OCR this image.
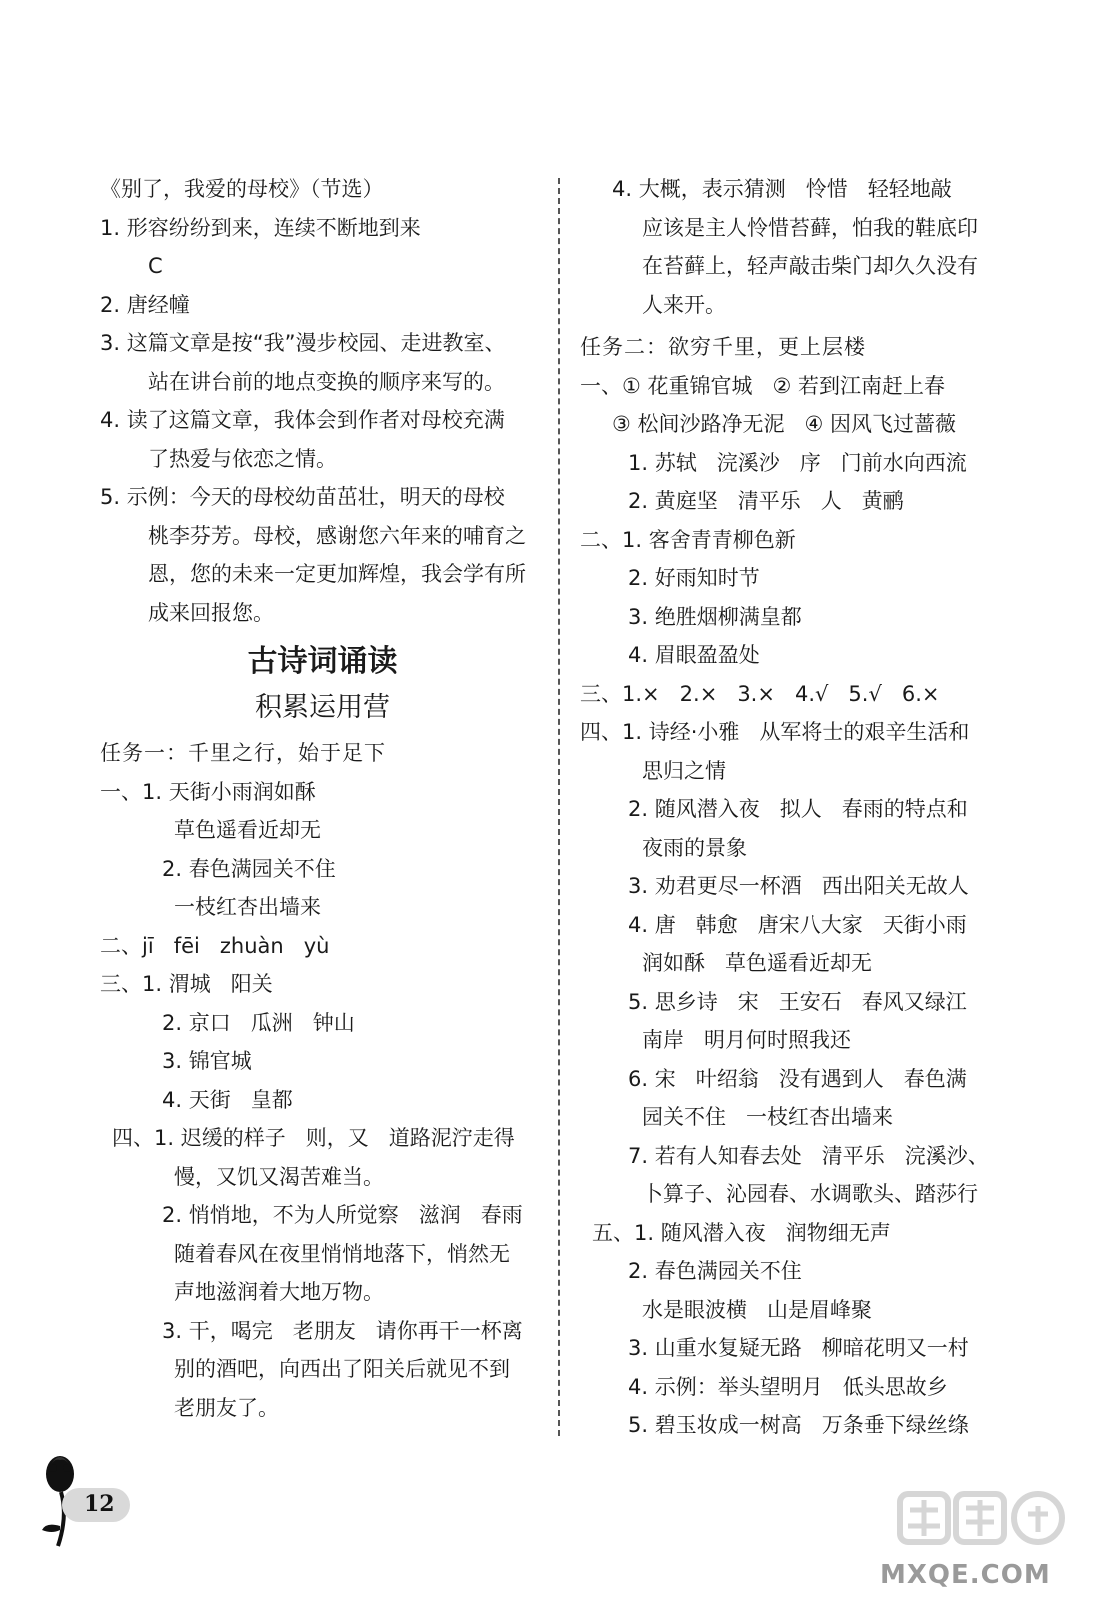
《别了，我爱的母校》（节选）
1. 形容纷纷到来，连续不断地到来
C
2. 唐经幢
3. 这篇文章是按“我”漫步校园、走进教室、
站在讲台前的地点变换的顺序来写的。
4. 读了这篇文章，我体会到作者对母校充满
了热爱与依恋之情。
5. 示例：今天的母校幼苗茁壮，明天的母校
桃李芬芳。母校，感谢您六年来的哺育之
恩，您的未来一定更加辉煌，我会学有所
成来回报您。
古诗词诵读
积累运用营
任务一：千里之行，始于足下
一、1. 天街小雨润如酥
草色遥看近却无
2. 春色满园关不住
一枝红杏出墙来
二、jī   fēi   zhuàn   yù
三、1. 渭城   阳关
2. 京口   瓜洲   钟山
3. 锦官城
4. 天街   皇都
四、1. 迟缓的样子   则，又   道路泥泞走得
慢，又饥又渴苦难当。
2. 悄悄地，不为人所觉察   滋润   春雨
随着春风在夜里悄悄地落下，悄然无
声地滋润着大地万物。
3. 干，喝完   老朋友   请你再干一杯离
别的酒吧，向西出了阳关后就见不到
老朋友了。
4. 大概，表示猜测   怜惜   轻轻地敲
应该是主人怜惜苔藓，怕我的鞋底印
在苔藓上，轻声敲击柴门却久久没有
人来开。
任务二：欲穷千里，更上层楼
一、① 花重锦官城   ② 若到江南赶上春
③ 松间沙路净无泥   ④ 因风飞过蔷薇
1. 苏轼   浣溪沙   序   门前水向西流
2. 黄庭坚   清平乐   人   黄鹂
二、1. 客舍青青柳色新
2. 好雨知时节
3. 绝胜烟柳满皇都
4. 眉眼盈盈处
三、1.×   2.×   3.×   4.√   5.√   6.×
四、1. 诗经·小雅   从军将士的艰辛生活和
思归之情
2. 随风潜入夜   拟人   春雨的特点和
夜雨的景象
3. 劝君更尽一杯酒   西出阳关无故人
4. 唐   韩愈   唐宋八大家   天街小雨
润如酥   草色遥看近却无
5. 思乡诗   宋   王安石   春风又绿江
南岸   明月何时照我还
6. 宋   叶绍翁   没有遇到人   春色满
园关不住   一枝红杏出墙来
7. 若有人知春去处   清平乐   浣溪沙、
卜算子、沁园春、水调歌头、踏莎行
五、1. 随风潜入夜   润物细无声
2. 春色满园关不住
水是眼波横   山是眉峰聚
3. 山重水复疑无路   柳暗花明又一村
4. 示例：举头望明月   低头思故乡
5. 碧玉妆成一树高   万条垂下绿丝绦
12
MXQE.COM
